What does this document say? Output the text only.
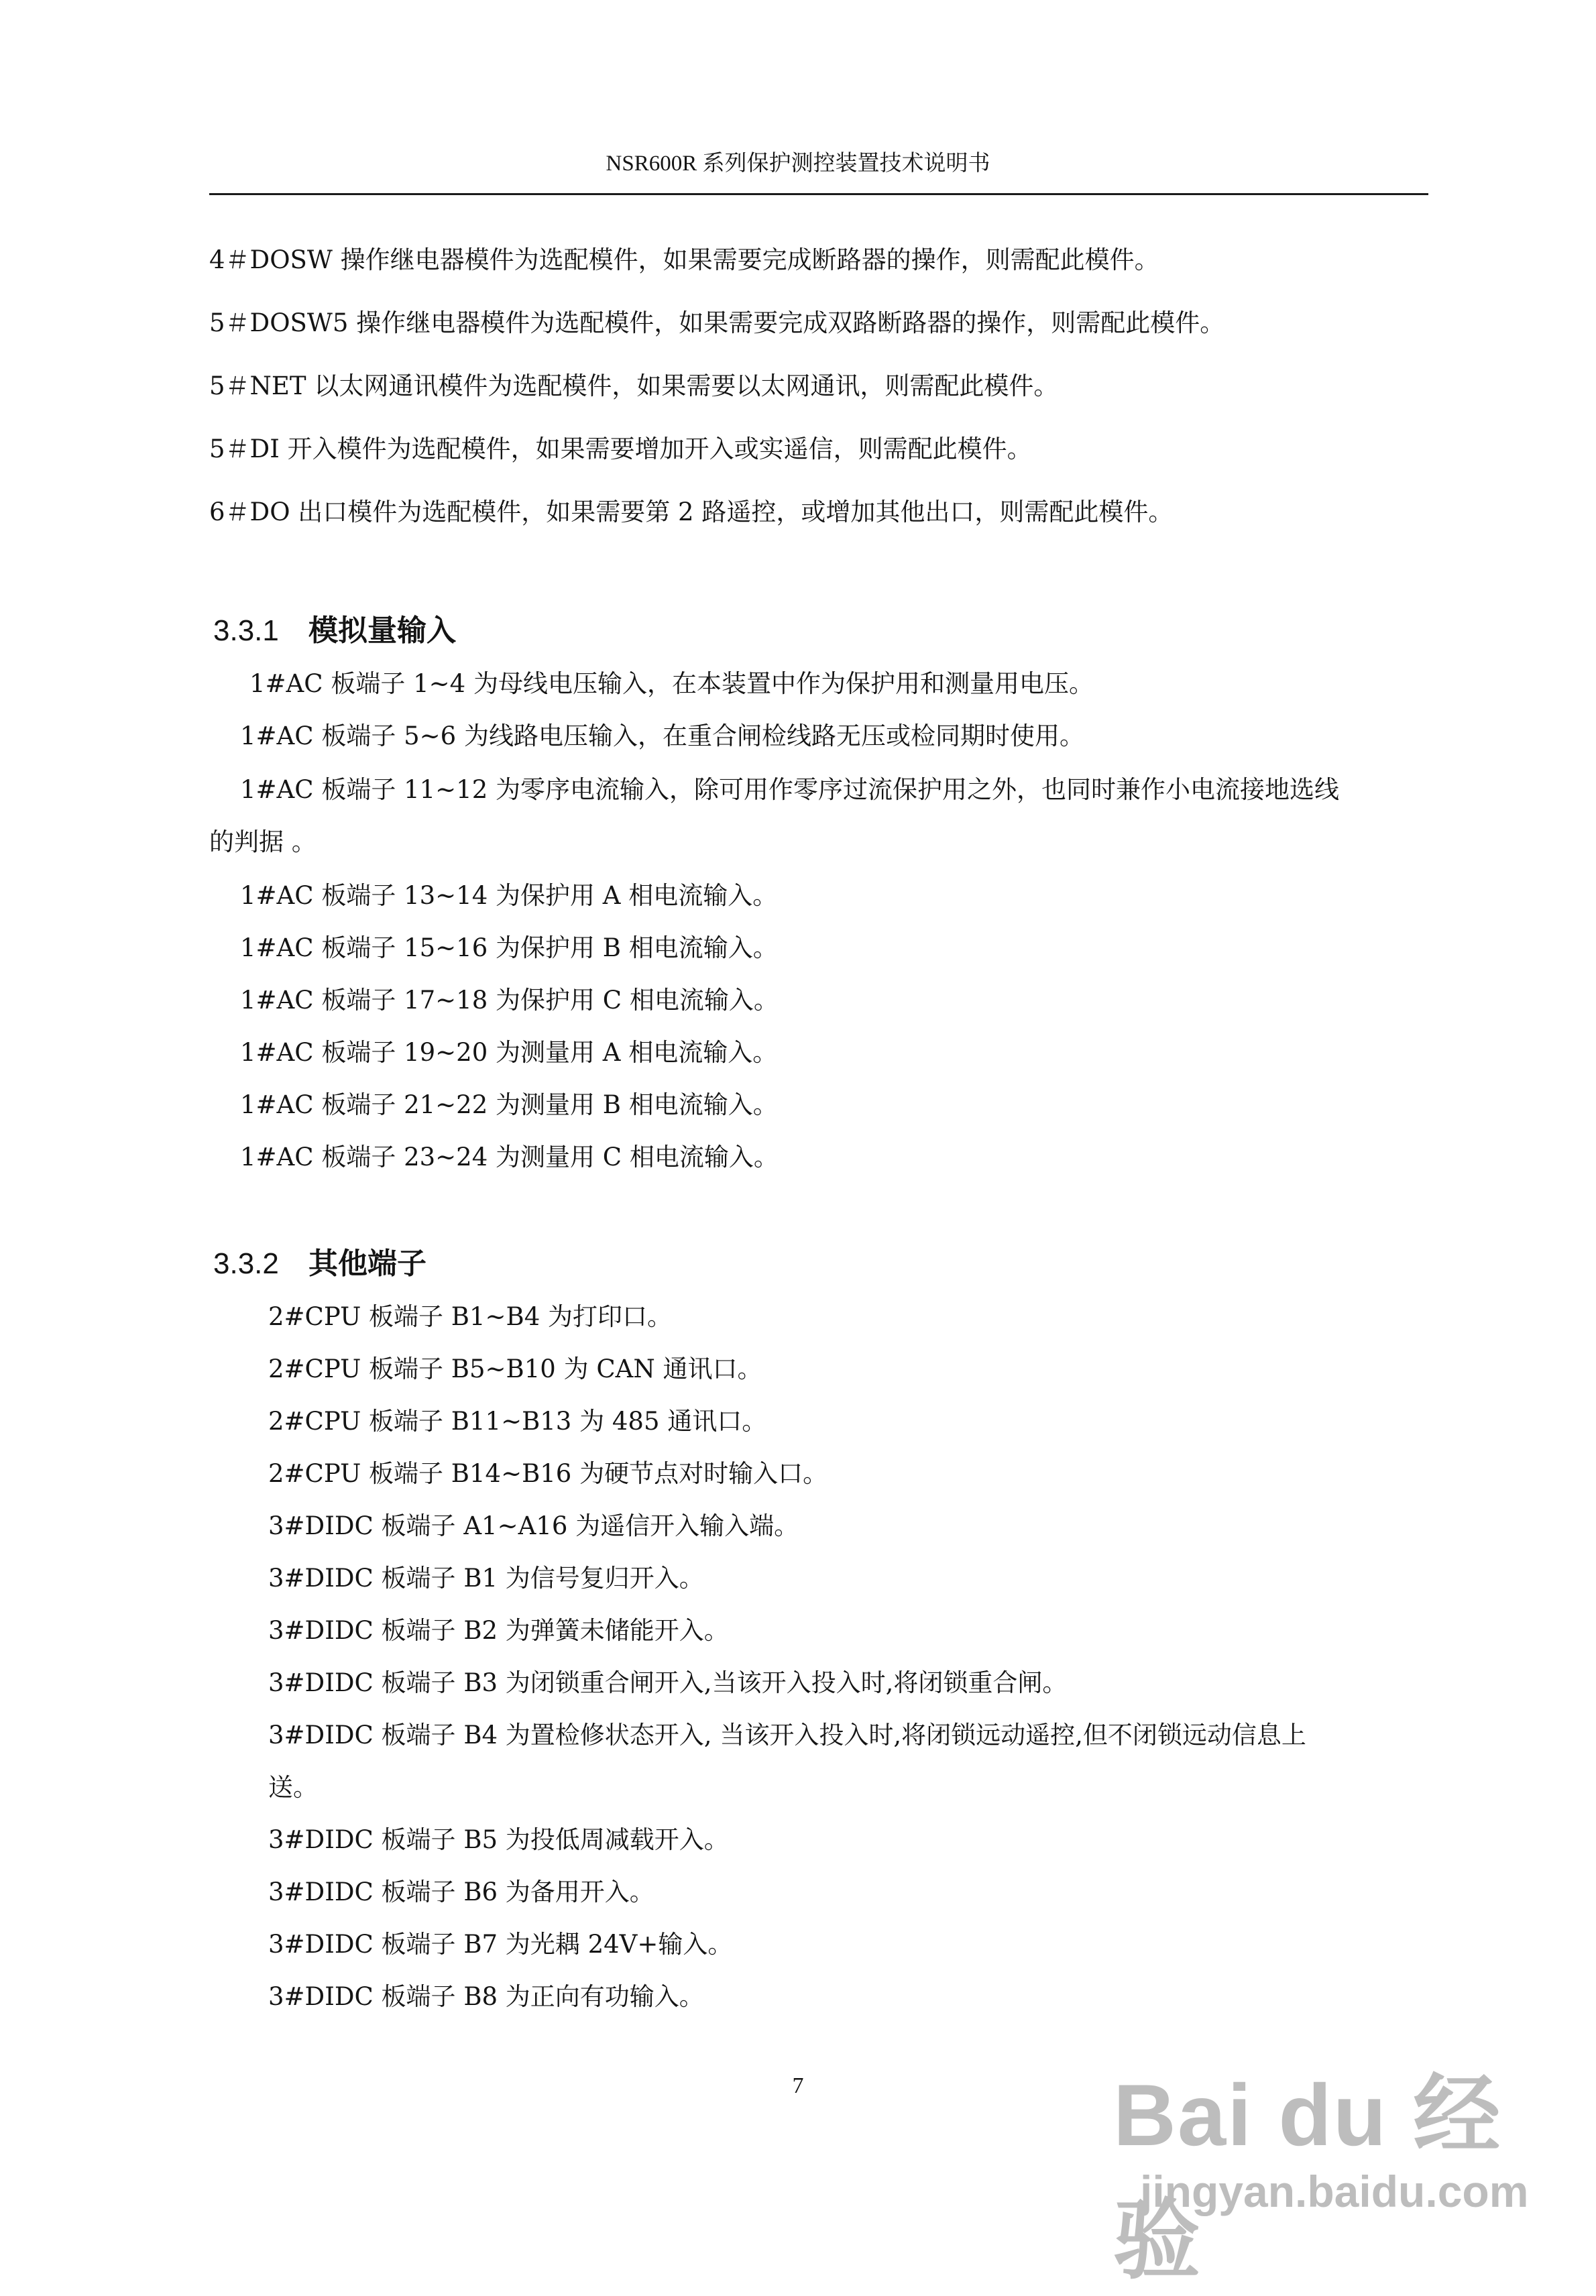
NSR600R 系列保护测控装置技术说明书
4＃DOSW 操作继电器模件为选配模件，如果需要完成断路器的操作，则需配此模件。
5＃DOSW5 操作继电器模件为选配模件，如果需要完成双路断路器的操作，则需配此模件。
5＃NET 以太网通讯模件为选配模件，如果需要以太网通讯，则需配此模件。
5＃DI 开入模件为选配模件，如果需要增加开入或实遥信，则需配此模件。
6＃DO 出口模件为选配模件，如果需要第 2 路遥控，或增加其他出口，则需配此模件。
3.3.1 模拟量输入
1#AC 板端子 1~4 为母线电压输入，在本装置中作为保护用和测量用电压。
1#AC 板端子 5~6 为线路电压输入，在重合闸检线路无压或检同期时使用。
1#AC 板端子 11~12 为零序电流输入，除可用作零序过流保护用之外，也同时兼作小电流接地选线
的判据 。
1#AC 板端子 13~14 为保护用 A 相电流输入。
1#AC 板端子 15~16 为保护用 B 相电流输入。
1#AC 板端子 17~18 为保护用 C 相电流输入。
1#AC 板端子 19~20 为测量用 A 相电流输入。
1#AC 板端子 21~22 为测量用 B 相电流输入。
1#AC 板端子 23~24 为测量用 C 相电流输入。
3.3.2 其他端子
2#CPU 板端子 B1~B4 为打印口。
2#CPU 板端子 B5~B10 为 CAN 通讯口。
2#CPU 板端子 B11~B13 为 485 通讯口。
2#CPU 板端子 B14~B16 为硬节点对时输入口。
3#DIDC 板端子 A1~A16 为遥信开入输入端。
3#DIDC 板端子 B1 为信号复归开入。
3#DIDC 板端子 B2 为弹簧未储能开入。
3#DIDC 板端子 B3 为闭锁重合闸开入,当该开入投入时,将闭锁重合闸。
3#DIDC 板端子 B4 为置检修状态开入, 当该开入投入时,将闭锁远动遥控,但不闭锁远动信息上
送。
3#DIDC 板端子 B5 为投低周减载开入。
3#DIDC 板端子 B6 为备用开入。
3#DIDC 板端子 B7 为光耦 24V+输入。
3#DIDC 板端子 B8 为正向有功输入。
7	Bai du 经验
jingyan.baidu.com
